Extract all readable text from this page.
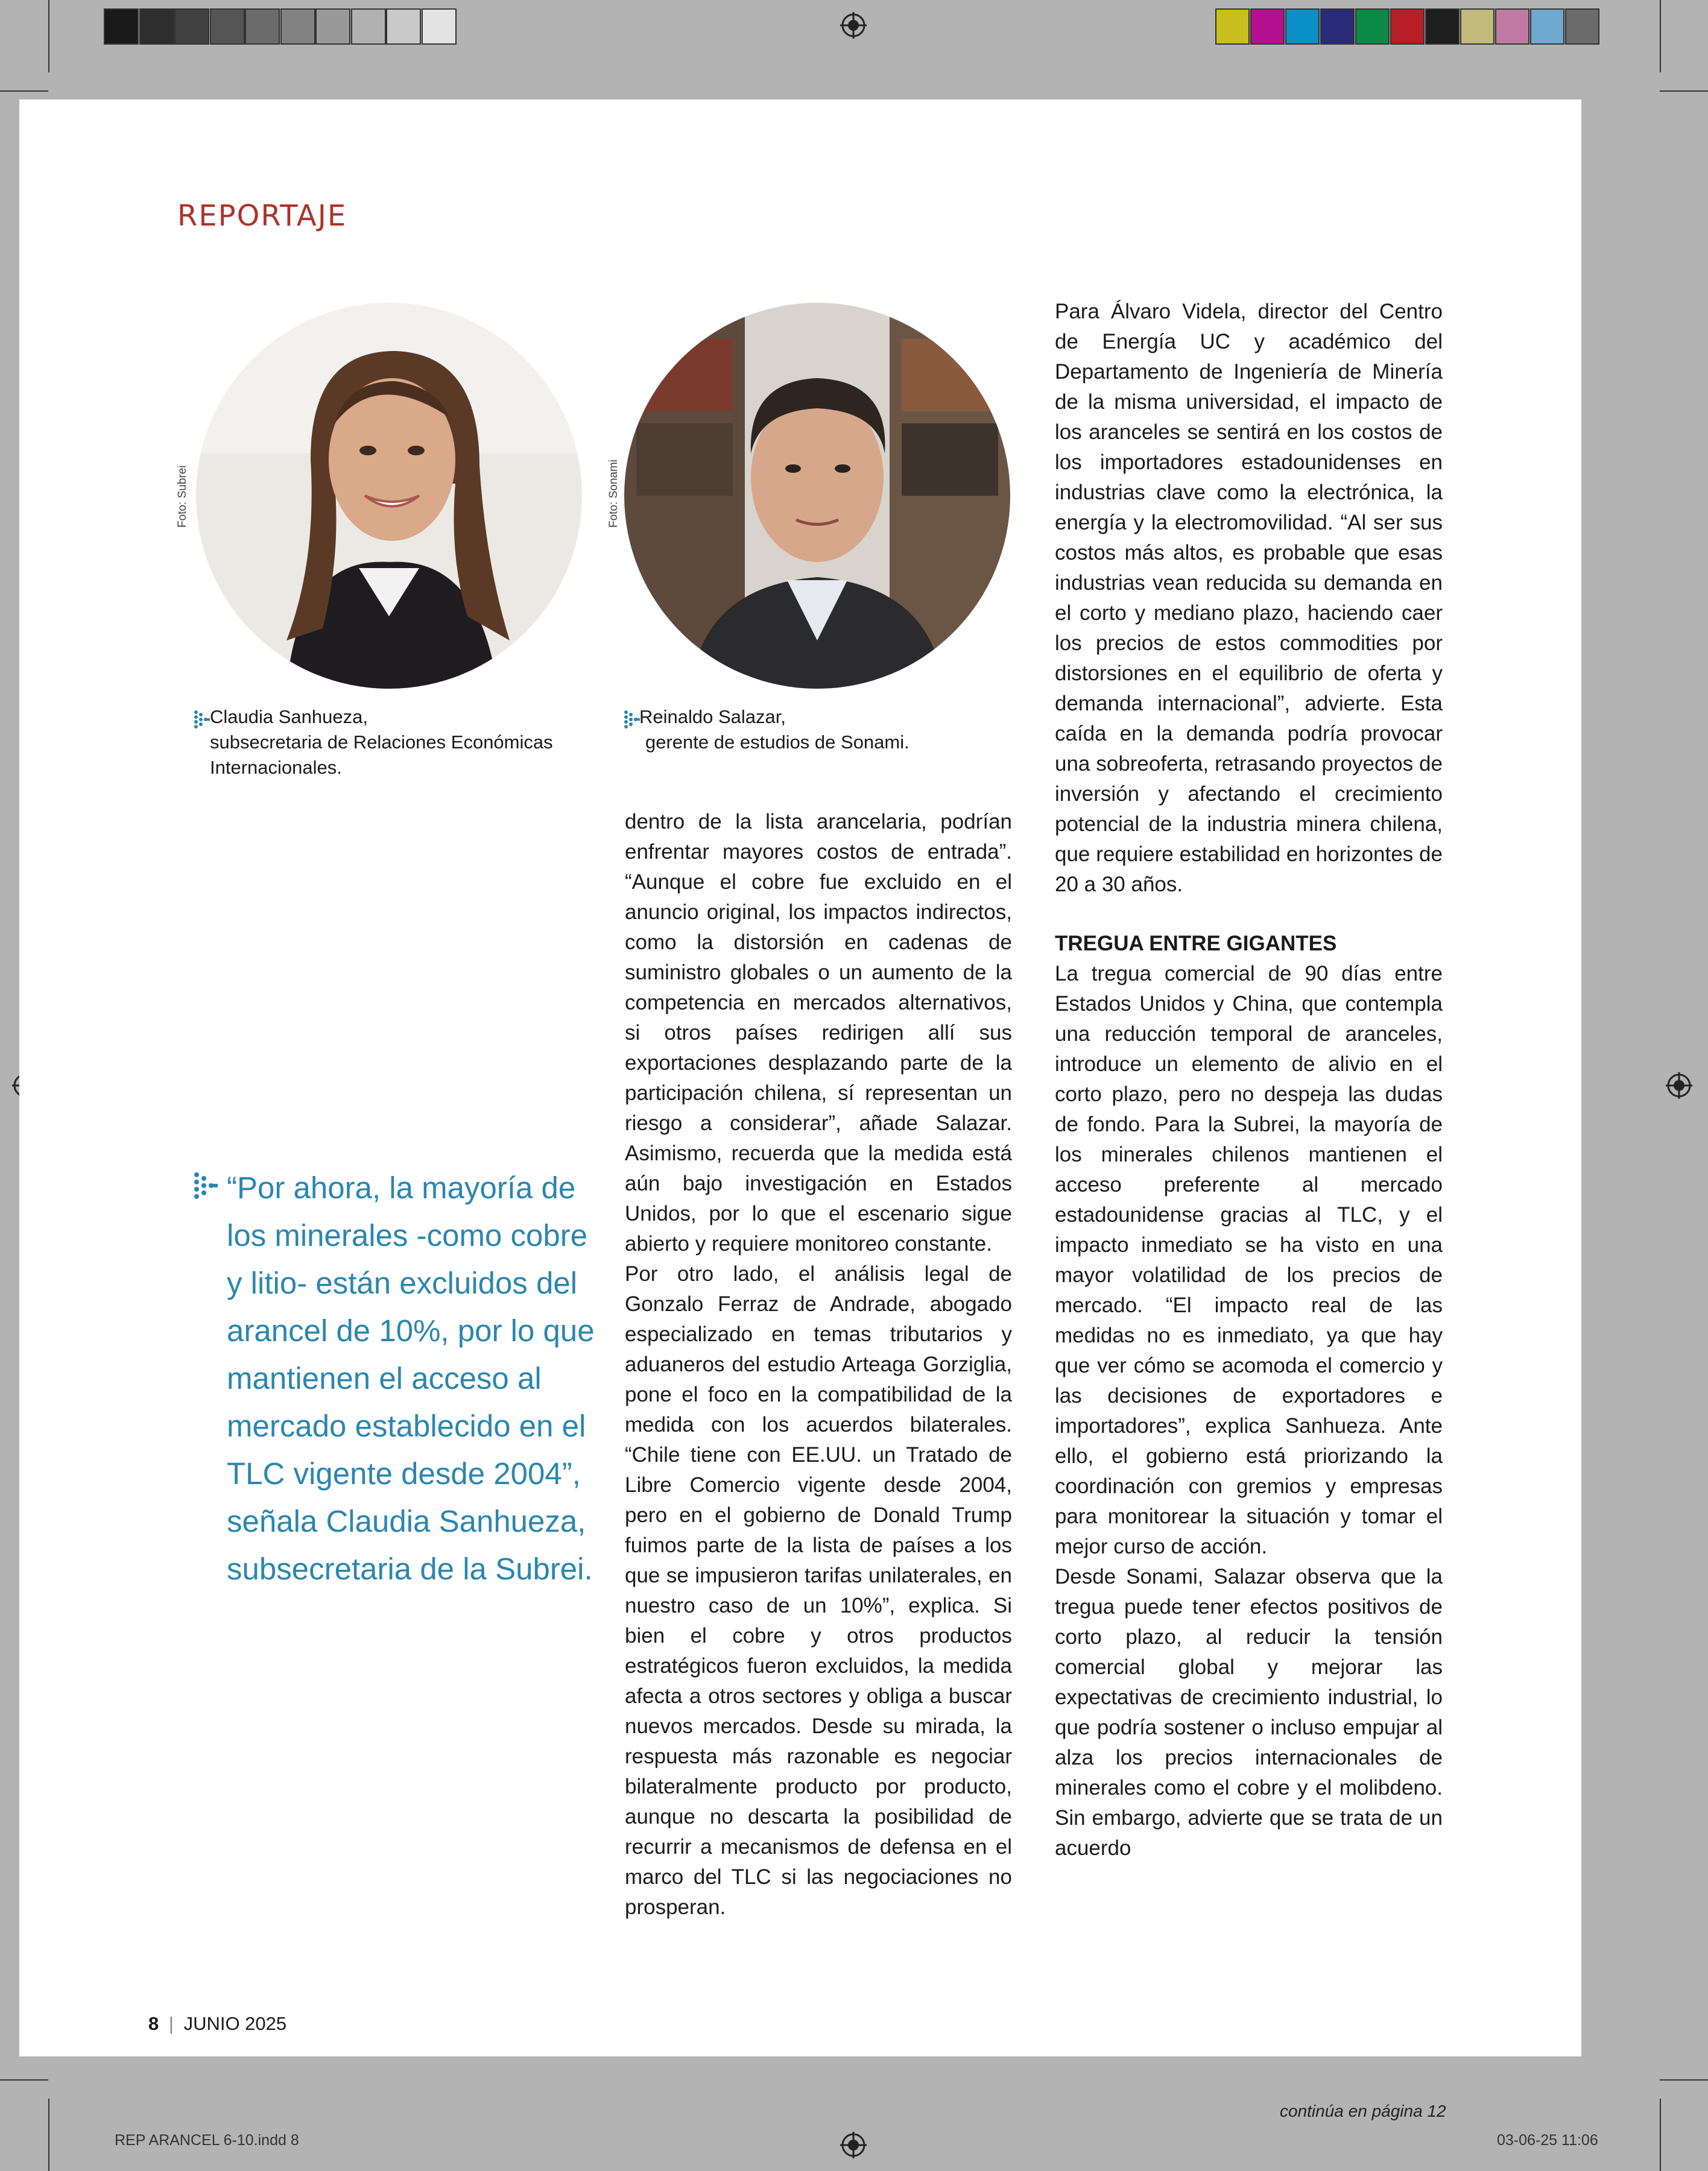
REPORTAJE
Foto: Subrei	Foto: Sonami
Claudia Sanhueza,
subsecretaria de Relaciones Económicas
Internacionales.
Reinaldo Salazar,
gerente de estudios de Sonami.
“Por ahora, la mayoría de los minerales -como cobre y litio- están excluidos del arancel de 10%, por lo que mantienen el acceso al mercado establecido en el TLC vigente desde 2004”, señala Claudia Sanhueza, subsecretaria de la Subrei.

dentro de la lista arancelaria, podrían enfrentar mayores costos de entrada”. “Aunque el cobre fue excluido en el anuncio original, los impactos indirectos, como la distorsión en cadenas de suministro globales o un aumento de la competencia en mercados alternativos, si otros países redirigen allí sus exportaciones desplazando parte de la participación chilena, sí representan un riesgo a considerar”, añade Salazar. Asimismo, recuerda que la medida está aún bajo investigación en Estados Unidos, por lo que el escenario sigue abierto y requiere monitoreo constante.

Por otro lado, el análisis legal de Gonzalo Ferraz de Andrade, abogado especializado en temas tributarios y aduaneros del estudio Arteaga Gorziglia, pone el foco en la compatibilidad de la medida con los acuerdos bilaterales. “Chile tiene con EE.UU. un Tratado de Libre Comercio vigente desde 2004, pero en el gobierno de Donald Trump fuimos parte de la lista de países a los que se impusieron tarifas unilaterales, en nuestro caso de un 10%”, explica. Si bien el cobre y otros productos estratégicos fueron excluidos, la medida afecta a otros sectores y obliga a buscar nuevos mercados. Desde su mirada, la respuesta más razonable es negociar bilateralmente producto por producto, aunque no descarta la posibilidad de recurrir a mecanismos de defensa en el marco del TLC si las negociaciones no prosperan.

Para Álvaro Videla, director del Centro de Energía UC y académico del Departamento de Ingeniería de Minería de la misma universidad, el impacto de los aranceles se sentirá en los costos de los importadores estadounidenses en industrias clave como la electrónica, la energía y la electromovilidad. “Al ser sus costos más altos, es probable que esas industrias vean reducida su demanda en el corto y mediano plazo, haciendo caer los precios de estos commodities por distorsiones en el equilibrio de oferta y demanda internacional”, advierte. Esta caída en la demanda podría provocar una sobreoferta, retrasando proyectos de inversión y afectando el crecimiento potencial de la industria minera chilena, que requiere estabilidad en horizontes de 20 a 30 años.

TREGUA ENTRE GIGANTES

La tregua comercial de 90 días entre Estados Unidos y China, que contempla una reducción temporal de aranceles, introduce un elemento de alivio en el corto plazo, pero no despeja las dudas de fondo. Para la Subrei, la mayoría de los minerales chilenos mantienen el acceso preferente al mercado estadounidense gracias al TLC, y el impacto inmediato se ha visto en una mayor volatilidad de los precios de mercado. “El impacto real de las medidas no es inmediato, ya que hay que ver cómo se acomoda el comercio y las decisiones de exportadores e importadores”, explica Sanhueza. Ante ello, el gobierno está priorizando la coordinación con gremios y empresas para monitorear la situación y tomar el mejor curso de acción.

Desde Sonami, Salazar observa que la tregua puede tener efectos positivos de corto plazo, al reducir la tensión comercial global y mejorar las expectativas de crecimiento industrial, lo que podría sostener o incluso empujar al alza los precios internacionales de minerales como el cobre y el molibdeno. Sin embargo, advierte que se trata de un acuerdo

8 | JUNIO 2025
continúa en página 12
REP ARANCEL 6-10.indd 8	03-06-25 11:06
